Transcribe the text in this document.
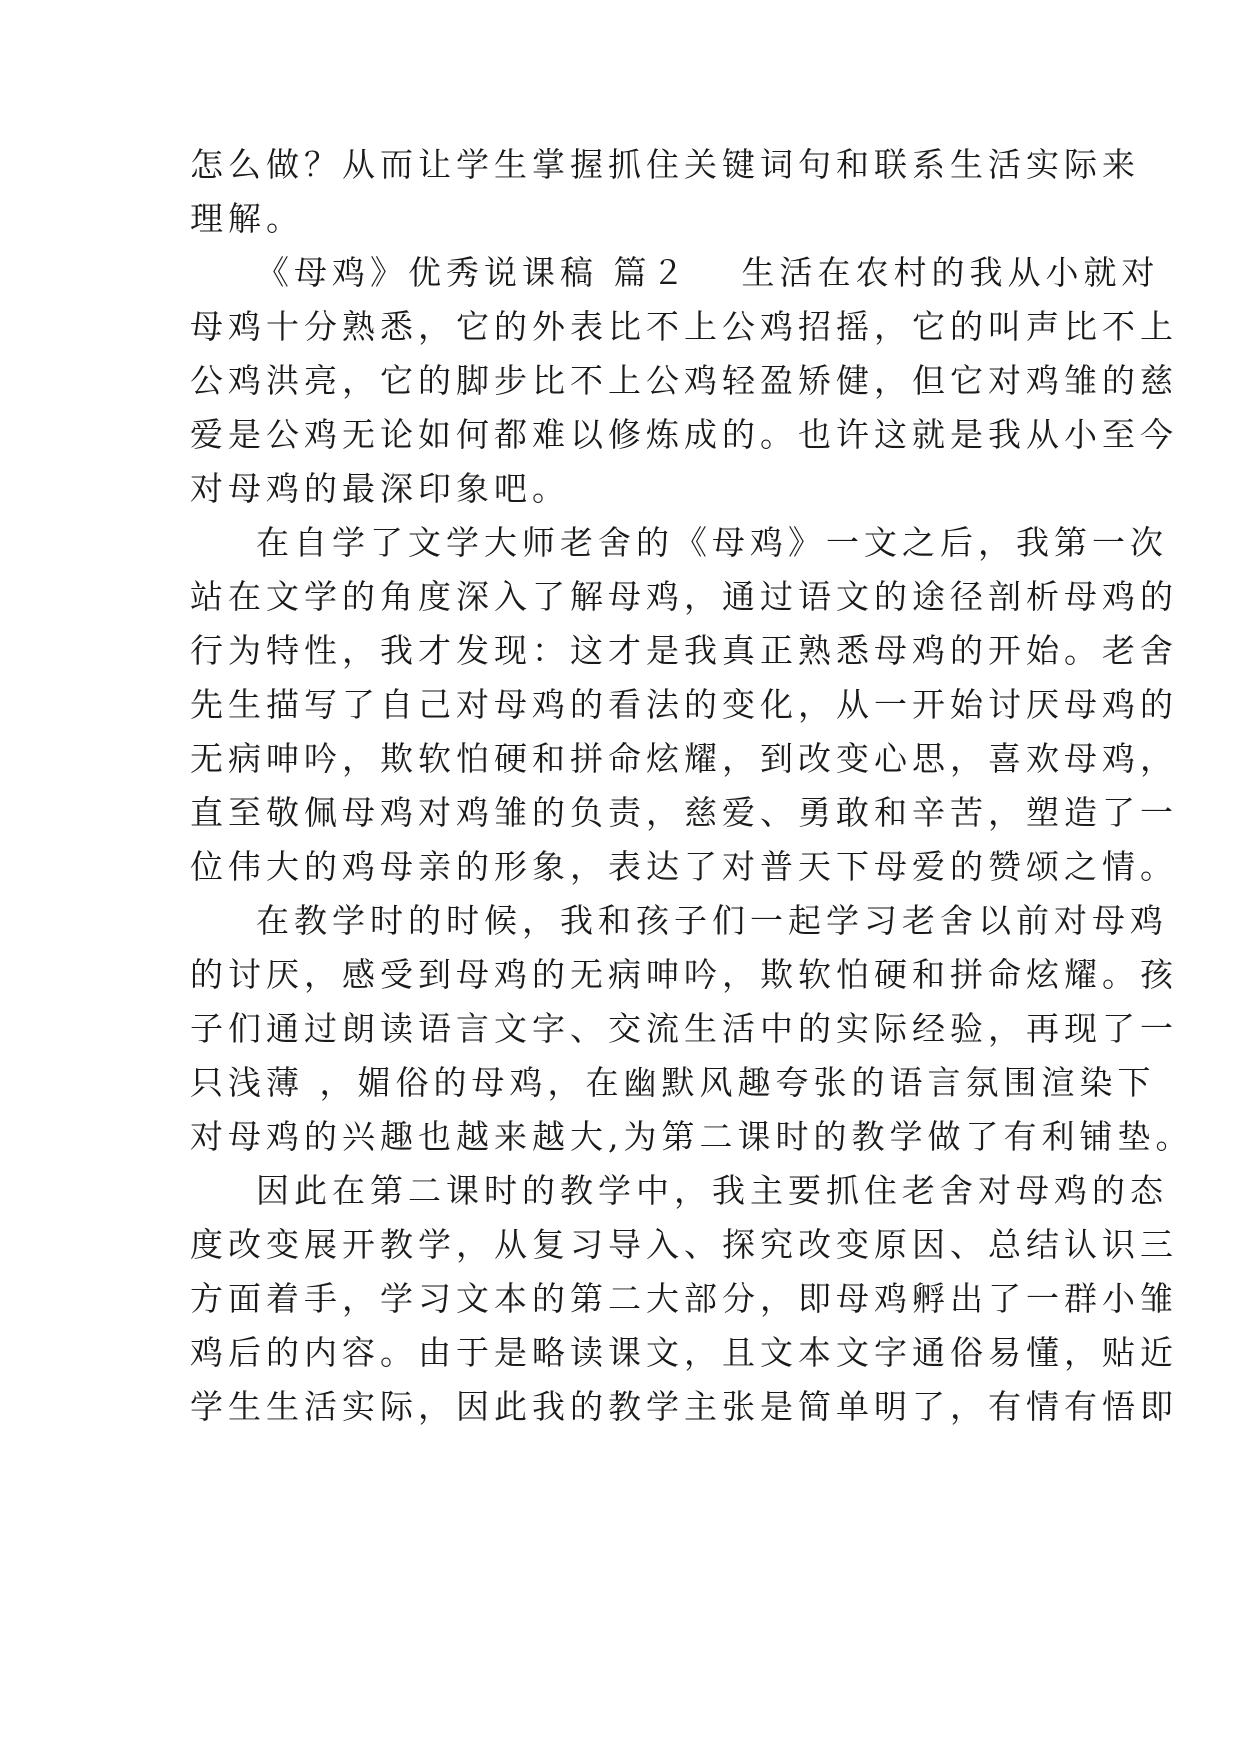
怎么做？从而让学生掌握抓住关键词句和联系生活实际来
理解。
《母鸡》优秀说课稿 篇２ 生活在农村的我从小就对
母鸡十分熟悉，它的外表比不上公鸡招摇，它的叫声比不上
公鸡洪亮，它的脚步比不上公鸡轻盈矫健，但它对鸡雏的慈
爱是公鸡无论如何都难以修炼成的。也许这就是我从小至今
对母鸡的最深印象吧。
在自学了文学大师老舍的《母鸡》一文之后，我第一次
站在文学的角度深入了解母鸡，通过语文的途径剖析母鸡的
行为特性，我才发现：这才是我真正熟悉母鸡的开始。老舍
先生描写了自己对母鸡的看法的变化，从一开始讨厌母鸡的
无病呻吟，欺软怕硬和拼命炫耀，到改变心思，喜欢母鸡，
直至敬佩母鸡对鸡雏的负责，慈爱、勇敢和辛苦，塑造了一
位伟大的鸡母亲的形象，表达了对普天下母爱的赞颂之情。
在教学时的时候，我和孩子们一起学习老舍以前对母鸡
的讨厌，感受到母鸡的无病呻吟，欺软怕硬和拼命炫耀。孩
子们通过朗读语言文字、交流生活中的实际经验，再现了一
只浅薄 ，媚俗的母鸡，在幽默风趣夸张的语言氛围渲染下
对母鸡的兴趣也越来越大,为第二课时的教学做了有利铺垫。
因此在第二课时的教学中，我主要抓住老舍对母鸡的态
度改变展开教学，从复习导入、探究改变原因、总结认识三
方面着手，学习文本的第二大部分，即母鸡孵出了一群小雏
鸡后的内容。由于是略读课文，且文本文字通俗易懂，贴近
学生生活实际，因此我的教学主张是简单明了，有情有悟即
